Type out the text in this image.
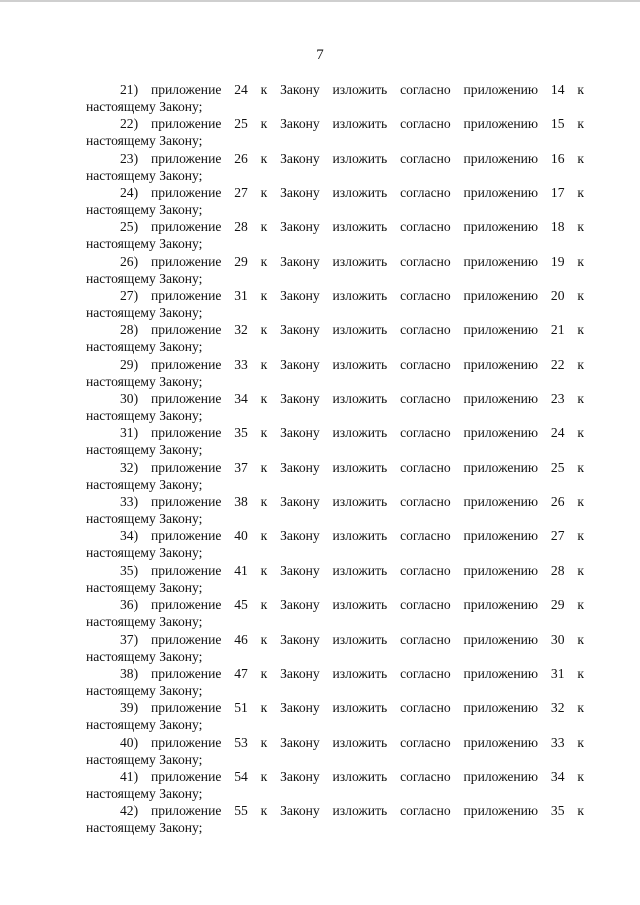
7
21) приложение 24 к Закону изложить согласно приложению 14 к
настоящему Закону;
22) приложение 25 к Закону изложить согласно приложению 15 к
настоящему Закону;
23) приложение 26 к Закону изложить согласно приложению 16 к
настоящему Закону;
24) приложение 27 к Закону изложить согласно приложению 17 к
настоящему Закону;
25) приложение 28 к Закону изложить согласно приложению 18 к
настоящему Закону;
26) приложение 29 к Закону изложить согласно приложению 19 к
настоящему Закону;
27) приложение 31 к Закону изложить согласно приложению 20 к
настоящему Закону;
28) приложение 32 к Закону изложить согласно приложению 21 к
настоящему Закону;
29) приложение 33 к Закону изложить согласно приложению 22 к
настоящему Закону;
30) приложение 34 к Закону изложить согласно приложению 23 к
настоящему Закону;
31) приложение 35 к Закону изложить согласно приложению 24 к
настоящему Закону;
32) приложение 37 к Закону изложить согласно приложению 25 к
настоящему Закону;
33) приложение 38 к Закону изложить согласно приложению 26 к
настоящему Закону;
34) приложение 40 к Закону изложить согласно приложению 27 к
настоящему Закону;
35) приложение 41 к Закону изложить согласно приложению 28 к
настоящему Закону;
36) приложение 45 к Закону изложить согласно приложению 29 к
настоящему Закону;
37) приложение 46 к Закону изложить согласно приложению 30 к
настоящему Закону;
38) приложение 47 к Закону изложить согласно приложению 31 к
настоящему Закону;
39) приложение 51 к Закону изложить согласно приложению 32 к
настоящему Закону;
40) приложение 53 к Закону изложить согласно приложению 33 к
настоящему Закону;
41) приложение 54 к Закону изложить согласно приложению 34 к
настоящему Закону;
42) приложение 55 к Закону изложить согласно приложению 35 к
настоящему Закону;
